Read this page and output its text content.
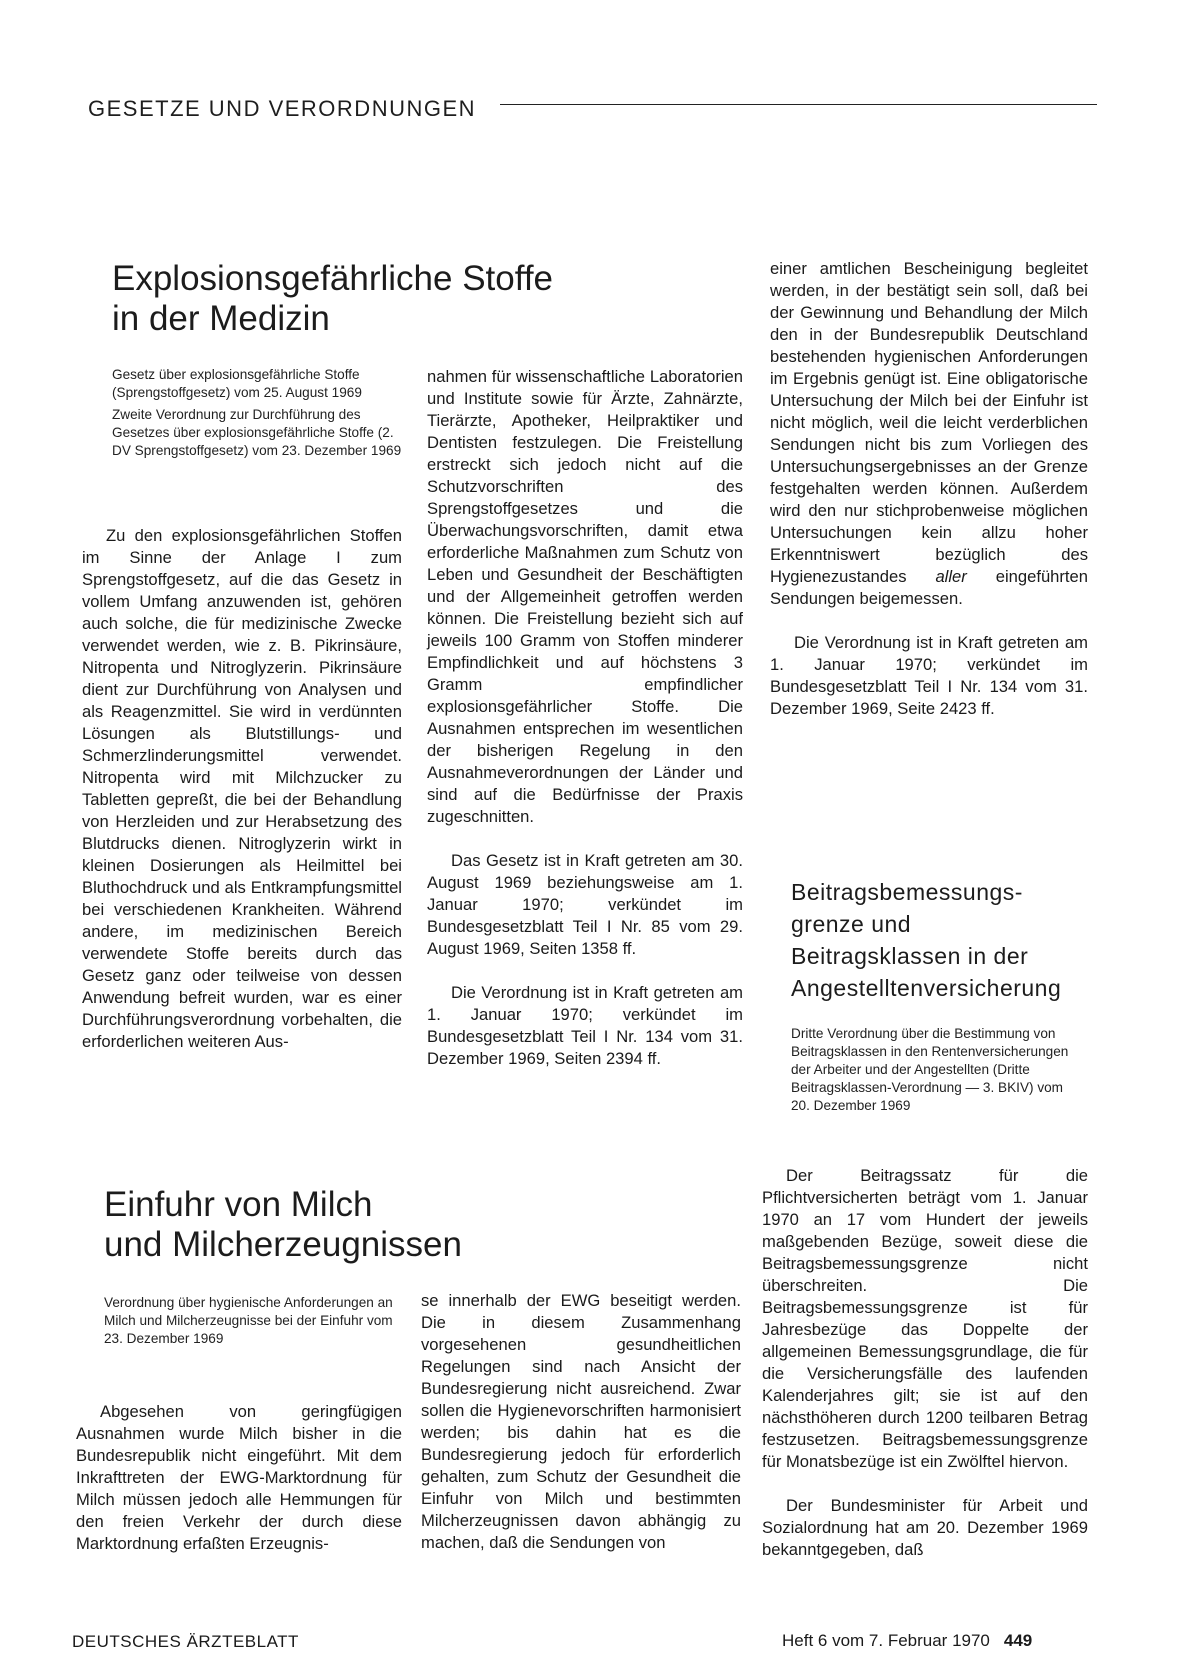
GESETZE UND VERORDNUNGEN
Explosionsgefährliche Stoffe
in der Medizin

Gesetz über explosionsgefährliche Stoffe (Sprengstoffgesetz) vom 25. August 1969

Zweite Verordnung zur Durchführung des Gesetzes über explosionsgefährliche Stoffe (2. DV Sprengstoffgesetz) vom 23. Dezember 1969

Zu den explosionsgefährlichen Stoffen im Sinne der Anlage I zum Sprengstoffgesetz, auf die das Gesetz in vollem Umfang anzuwenden ist, gehören auch solche, die für medizinische Zwecke verwendet werden, wie z. B. Pikrinsäure, Nitropenta und Nitroglyzerin. Pikrinsäure dient zur Durchführung von Analysen und als Reagenzmittel. Sie wird in verdünnten Lösungen als Blutstillungs- und Schmerzlinderungsmittel verwendet. Nitropenta wird mit Milchzucker zu Tabletten gepreßt, die bei der Behandlung von Herzleiden und zur Herabsetzung des Blutdrucks dienen. Nitroglyzerin wirkt in kleinen Dosierungen als Heilmittel bei Bluthochdruck und als Entkrampfungsmittel bei verschiedenen Krankheiten. Während andere, im medizinischen Bereich verwendete Stoffe bereits durch das Gesetz ganz oder teilweise von dessen Anwendung befreit wurden, war es einer Durchführungsverordnung vorbehalten, die erforderlichen weiteren Aus-

nahmen für wissenschaftliche Laboratorien und Institute sowie für Ärzte, Zahnärzte, Tierärzte, Apotheker, Heilpraktiker und Dentisten festzulegen. Die Freistellung erstreckt sich jedoch nicht auf die Schutzvorschriften des Sprengstoffgesetzes und die Überwachungsvorschriften, damit etwa erforderliche Maßnahmen zum Schutz von Leben und Gesundheit der Beschäftigten und der Allgemeinheit getroffen werden können. Die Freistellung bezieht sich auf jeweils 100 Gramm von Stoffen minderer Empfindlichkeit und auf höchstens 3 Gramm empfindlicher explosionsgefährlicher Stoffe. Die Ausnahmen entsprechen im wesentlichen der bisherigen Regelung in den Ausnahmeverordnungen der Länder und sind auf die Bedürfnisse der Praxis zugeschnitten.

Das Gesetz ist in Kraft getreten am 30. August 1969 beziehungsweise am 1. Januar 1970; verkündet im Bundesgesetzblatt Teil I Nr. 85 vom 29. August 1969, Seiten 1358 ff.

Die Verordnung ist in Kraft getreten am 1. Januar 1970; verkündet im Bundesgesetzblatt Teil I Nr. 134 vom 31. Dezember 1969, Seiten 2394 ff.

Einfuhr von Milch
und Milcherzeugnissen

Verordnung über hygienische Anforderungen an Milch und Milcherzeugnisse bei der Einfuhr vom 23. Dezember 1969

Abgesehen von geringfügigen Ausnahmen wurde Milch bisher in die Bundesrepublik nicht eingeführt. Mit dem Inkrafttreten der EWG-Marktordnung für Milch müssen jedoch alle Hemmungen für den freien Verkehr der durch diese Marktordnung erfaßten Erzeugnis-

se innerhalb der EWG beseitigt werden. Die in diesem Zusammenhang vorgesehenen gesundheitlichen Regelungen sind nach Ansicht der Bundesregierung nicht ausreichend. Zwar sollen die Hygienevorschriften harmonisiert werden; bis dahin hat es die Bundesregierung jedoch für erforderlich gehalten, zum Schutz der Gesundheit die Einfuhr von Milch und bestimmten Milcherzeugnissen davon abhängig zu machen, daß die Sendungen von

einer amtlichen Bescheinigung begleitet werden, in der bestätigt sein soll, daß bei der Gewinnung und Behandlung der Milch den in der Bundesrepublik Deutschland bestehenden hygienischen Anforderungen im Ergebnis genügt ist. Eine obligatorische Untersuchung der Milch bei der Einfuhr ist nicht möglich, weil die leicht verderblichen Sendungen nicht bis zum Vorliegen des Untersuchungsergebnisses an der Grenze festgehalten werden können. Außerdem wird den nur stichprobenweise möglichen Untersuchungen kein allzu hoher Erkenntniswert bezüglich des Hygienezustandes aller eingeführten Sendungen beigemessen.

Die Verordnung ist in Kraft getreten am 1. Januar 1970; verkündet im Bundesgesetzblatt Teil I Nr. 134 vom 31. Dezember 1969, Seite 2423 ff.

Beitragsbemessungs-
grenze und
Beitragsklassen in der
Angestelltenversicherung

Dritte Verordnung über die Bestimmung von Beitragsklassen in den Rentenversicherungen der Arbeiter und der Angestellten (Dritte Beitragsklassen-Verordnung — 3. BKIV) vom 20. Dezember 1969

Der Beitragssatz für die Pflichtversicherten beträgt vom 1. Januar 1970 an 17 vom Hundert der jeweils maßgebenden Bezüge, soweit diese die Beitragsbemessungsgrenze nicht überschreiten. Die Beitragsbemessungsgrenze ist für Jahresbezüge das Doppelte der allgemeinen Bemessungsgrundlage, die für die Versicherungsfälle des laufenden Kalenderjahres gilt; sie ist auf den nächsthöheren durch 1200 teilbaren Betrag festzusetzen. Beitragsbemessungsgrenze für Monatsbezüge ist ein Zwölftel hiervon.

Der Bundesminister für Arbeit und Sozialordnung hat am 20. Dezember 1969 bekanntgegeben, daß

DEUTSCHES ÄRZTEBLATT	Heft 6 vom 7. Februar 1970 449
